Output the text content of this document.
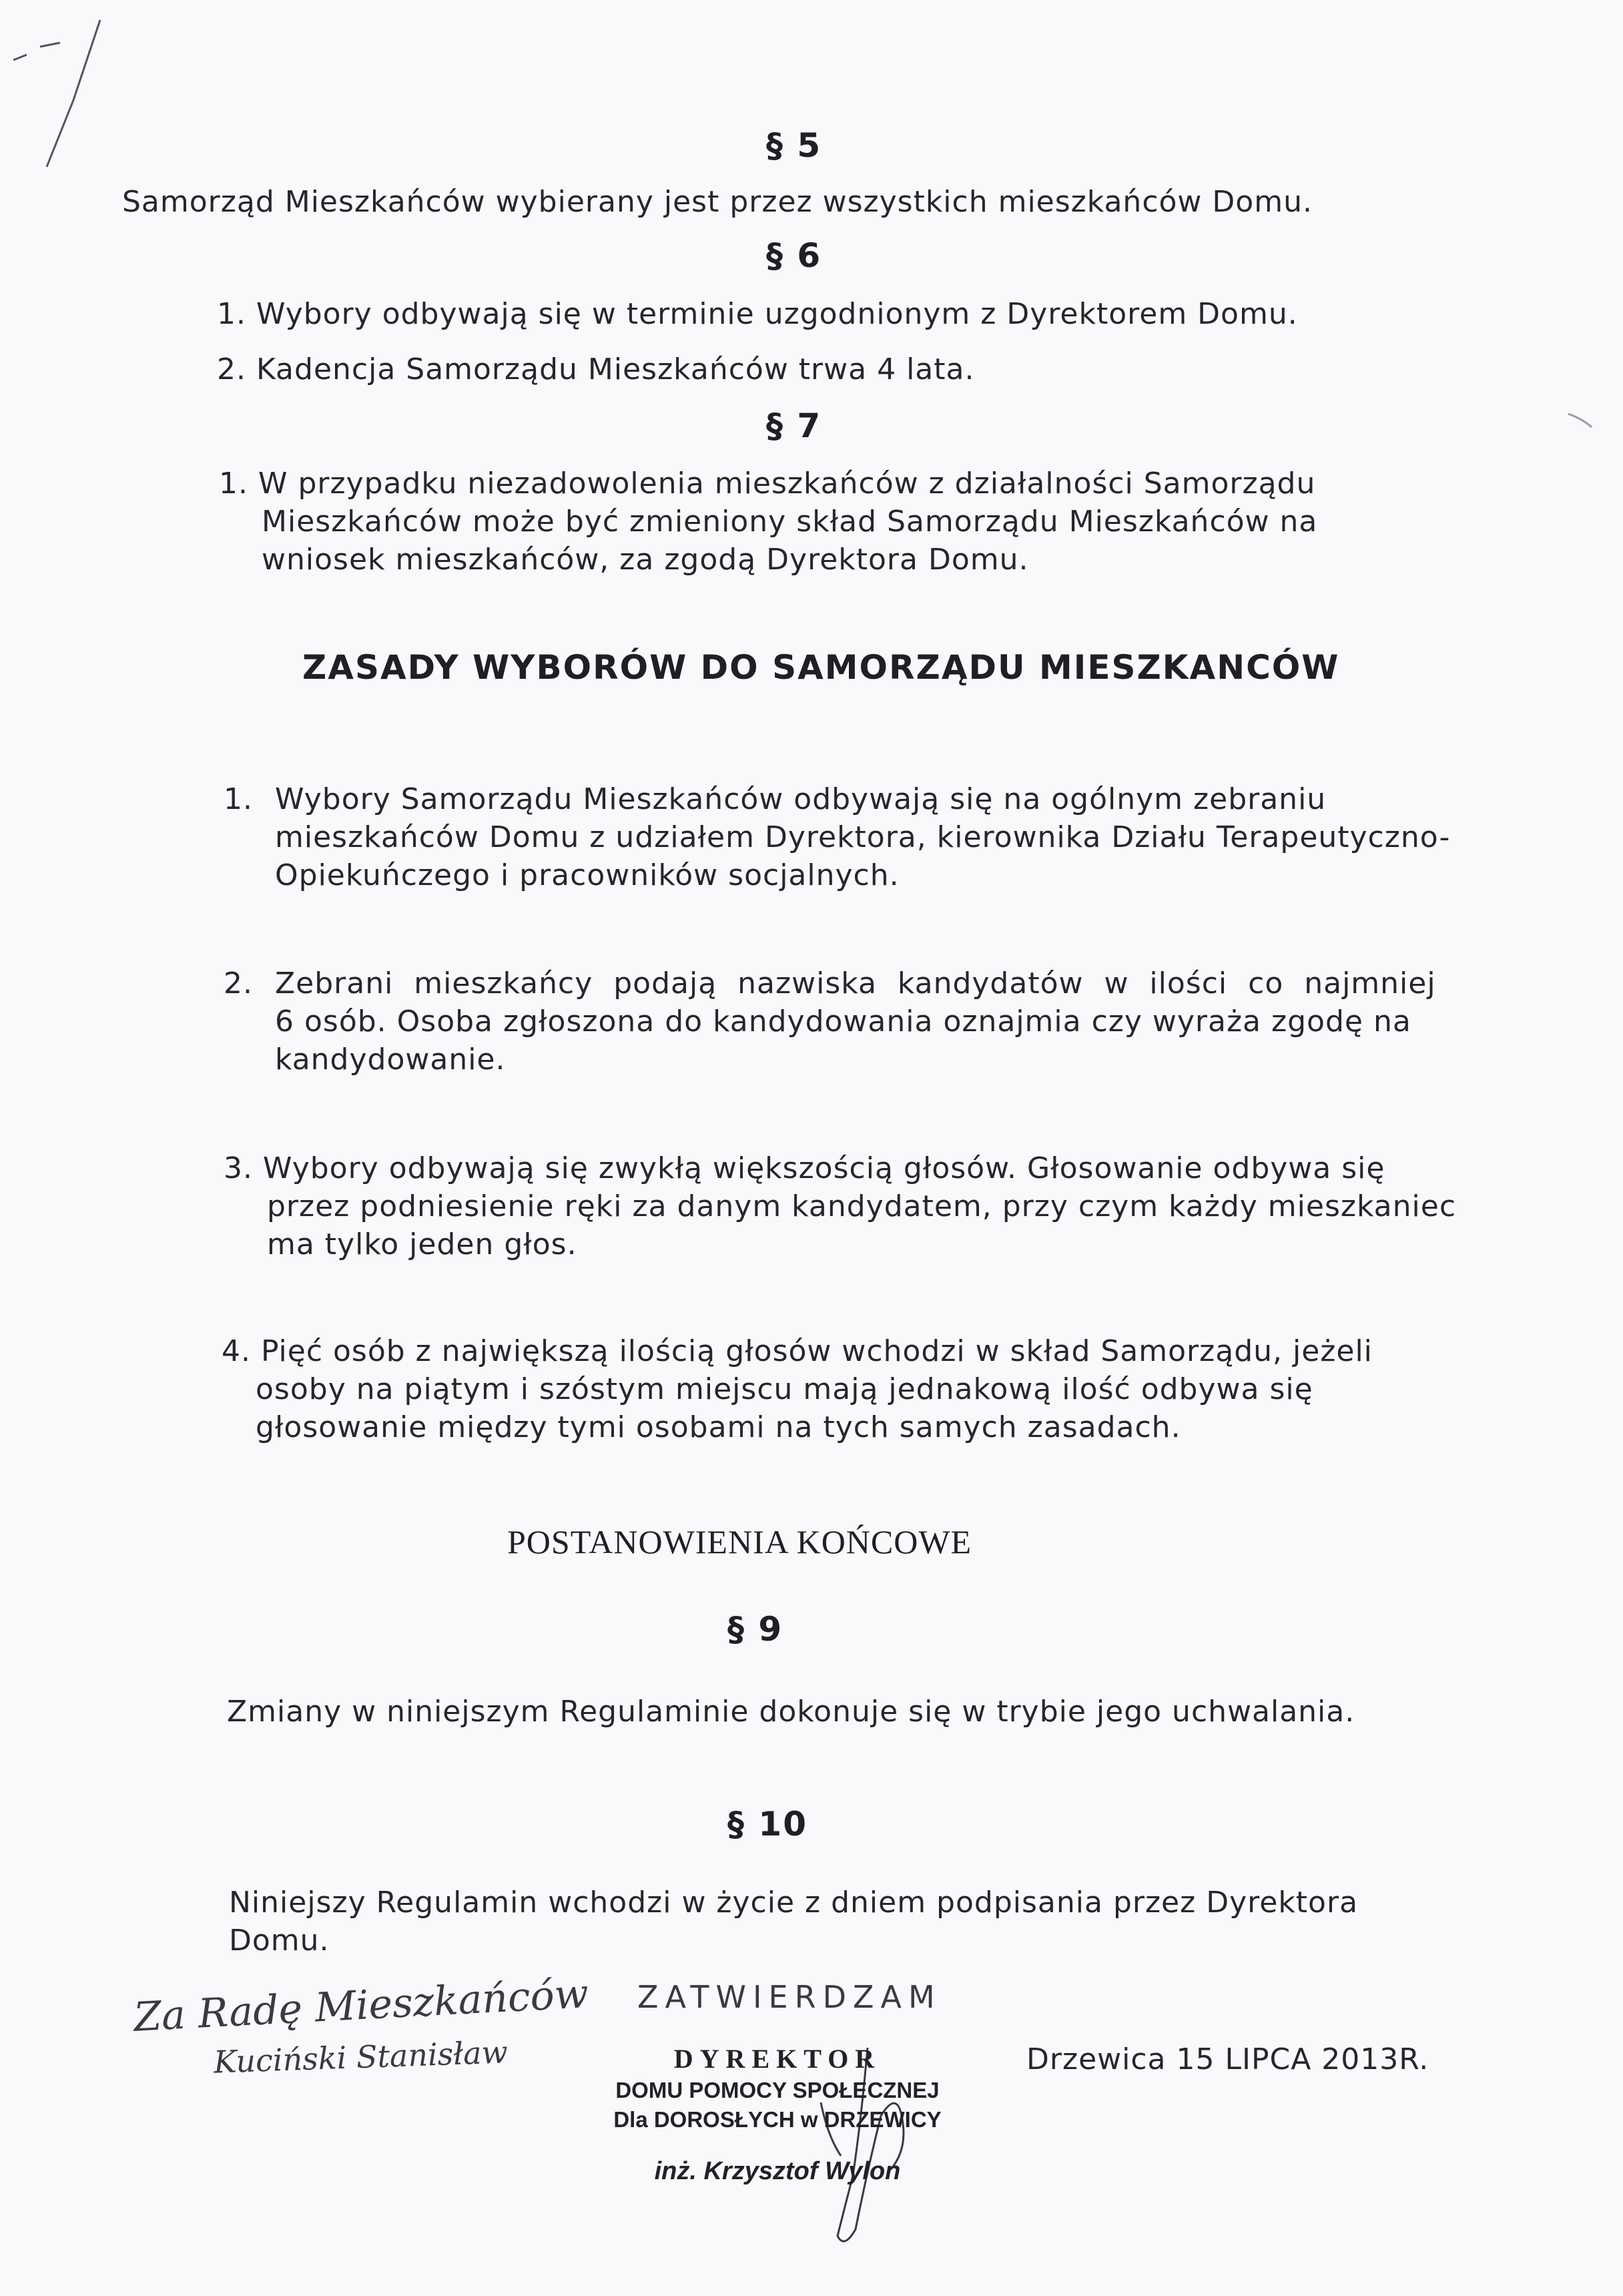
§ 5
Samorząd Mieszkańców wybierany jest przez wszystkich mieszkańców Domu.
§ 6
1. Wybory odbywają się w terminie uzgodnionym z Dyrektorem Domu.
2. Kadencja Samorządu Mieszkańców trwa 4 lata.
§ 7
1. W przypadku niezadowolenia mieszkańców z działalności Samorządu
Mieszkańców może być zmieniony skład Samorządu Mieszkańców na
wniosek mieszkańców, za zgodą Dyrektora Domu.
ZASADY WYBORÓW DO SAMORZĄDU MIESZKANCÓW
1. Wybory Samorządu Mieszkańców odbywają się na ogólnym zebraniu
mieszkańców Domu z udziałem Dyrektora, kierownika Działu Terapeutyczno-
Opiekuńczego i pracowników socjalnych.
2. Zebrani mieszkańcy podają nazwiska kandydatów w ilości co najmniej
6 osób. Osoba zgłoszona do kandydowania oznajmia czy wyraża zgodę na
kandydowanie.
3. Wybory odbywają się zwykłą większością głosów. Głosowanie odbywa się
przez podniesienie ręki za danym kandydatem, przy czym każdy mieszkaniec
ma tylko jeden głos.
4. Pięć osób z największą ilością głosów wchodzi w skład Samorządu, jeżeli
osoby na piątym i szóstym miejscu mają jednakową ilość odbywa się
głosowanie między tymi osobami na tych samych zasadach.
POSTANOWIENIA KOŃCOWE
§ 9
Zmiany w niniejszym Regulaminie dokonuje się w trybie jego uchwalania.
§ 10
Niniejszy Regulamin wchodzi w życie z dniem podpisania przez Dyrektora
Domu.
Za Radę Mieszkańców
Kuciński Stanisław
ZATWIERDZAM
DYREKTOR
DOMU POMOCY SPOŁECZNEJ
Dla DOROSŁYCH w DRZEWICY
inż. Krzysztof Wylon
Drzewica 15 LIPCA 2013R.
